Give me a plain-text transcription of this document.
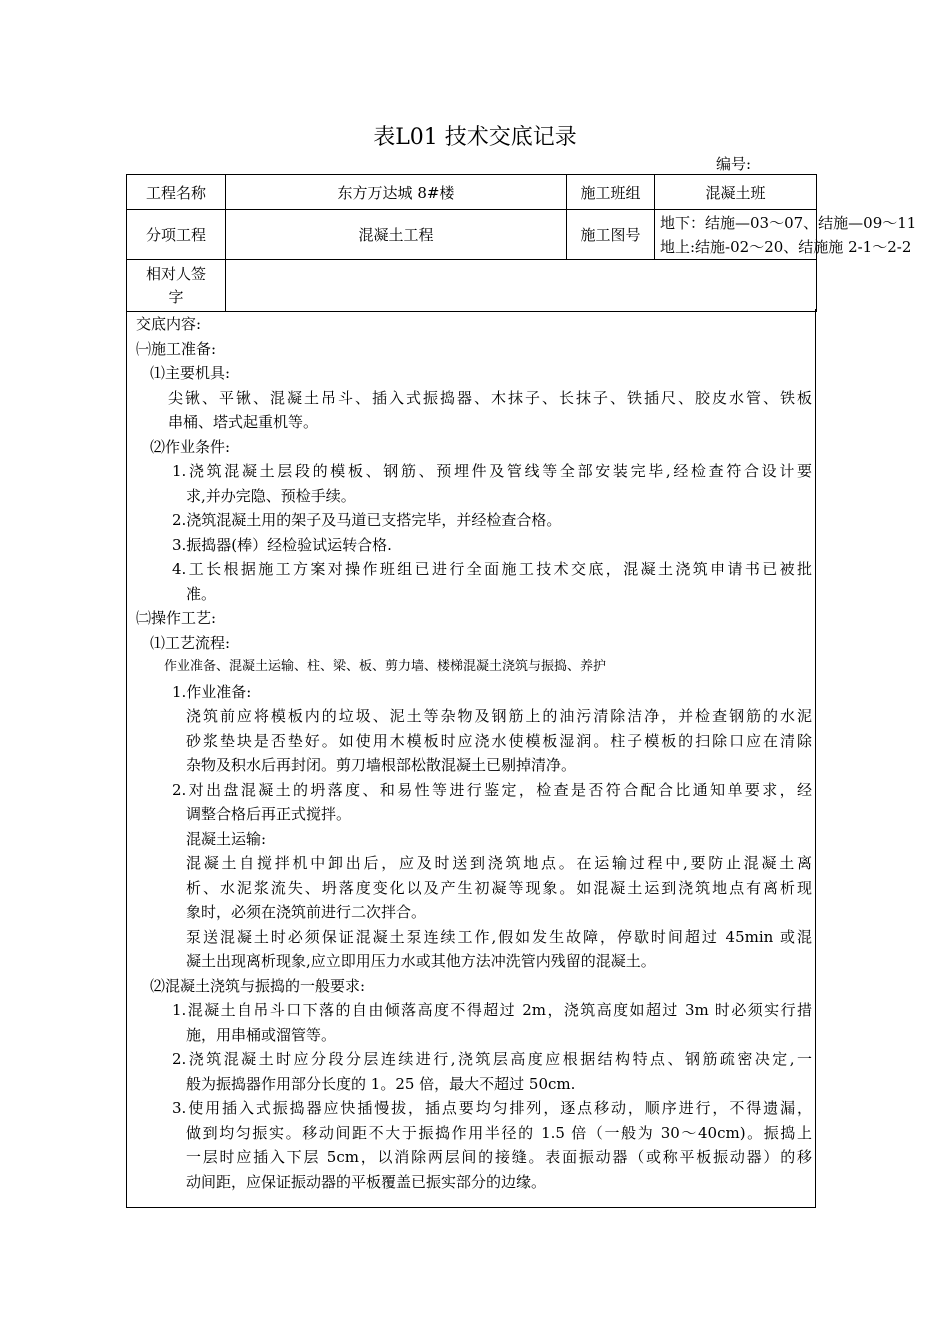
表L01 技术交底记录
编号:
工程名称	东方万达城 8#楼	施工班组	混凝土班
分项工程	混凝土工程	施工图号	地下：结施—03～07、结施—09～11
地上:结施-02～20、结施施 2-1～2-2

相对人签
字			

交底内容:
㈠施工准备:
⑴主要机具:
尖锹、平锹、混凝土吊斗、插入式振捣器、木抹子、长抹子、铁插尺、胶皮水管、铁板
串桶、塔式起重机等。
⑵作业条件:
1.浇筑混凝土层段的模板、钢筋、预埋件及管线等全部安装完毕,经检查符合设计要
求,并办完隐、预检手续。
2.浇筑混凝土用的架子及马道已支搭完毕，并经检查合格。
3.振捣器(棒）经检验试运转合格.
4.工长根据施工方案对操作班组已进行全面施工技术交底，混凝土浇筑申请书已被批
准。
㈡操作工艺:
⑴工艺流程:
作业准备、混凝土运输、柱、梁、板、剪力墙、楼梯混凝土浇筑与振捣、养护
1.作业准备:
浇筑前应将模板内的垃圾、泥土等杂物及钢筋上的油污清除洁净，并检查钢筋的水泥
砂浆垫块是否垫好。如使用木模板时应浇水使模板湿润。柱子模板的扫除口应在清除
杂物及积水后再封闭。剪刀墙根部松散混凝土已剔掉清净。
2.对出盘混凝土的坍落度、和易性等进行鉴定，检查是否符合配合比通知单要求，经
调整合格后再正式搅拌。
混凝土运输:
混凝土自搅拌机中卸出后，应及时送到浇筑地点。在运输过程中,要防止混凝土离
析、水泥浆流失、坍落度变化以及产生初凝等现象。如混凝土运到浇筑地点有离析现
象时，必须在浇筑前进行二次拌合。
泵送混凝土时必须保证混凝土泵连续工作,假如发生故障，停歇时间超过 45min 或混
凝土出现离析现象,应立即用压力水或其他方法冲洗管内残留的混凝土。
⑵混凝土浇筑与振捣的一般要求:
1.混凝土自吊斗口下落的自由倾落高度不得超过 2m，浇筑高度如超过 3m 时必须实行措
施，用串桶或溜管等。
2.浇筑混凝土时应分段分层连续进行,浇筑层高度应根据结构特点、钢筋疏密决定,一
般为振捣器作用部分长度的 1。25 倍，最大不超过 50cm.
3.使用插入式振捣器应快插慢拔，插点要均匀排列，逐点移动，顺序进行，不得遗漏，
做到均匀振实。移动间距不大于振捣作用半径的 1.5 倍（一般为 30～40cm)。振捣上
一层时应插入下层 5cm，以消除两层间的接缝。表面振动器（或称平板振动器）的移
动间距，应保证振动器的平板覆盖已振实部分的边缘。
